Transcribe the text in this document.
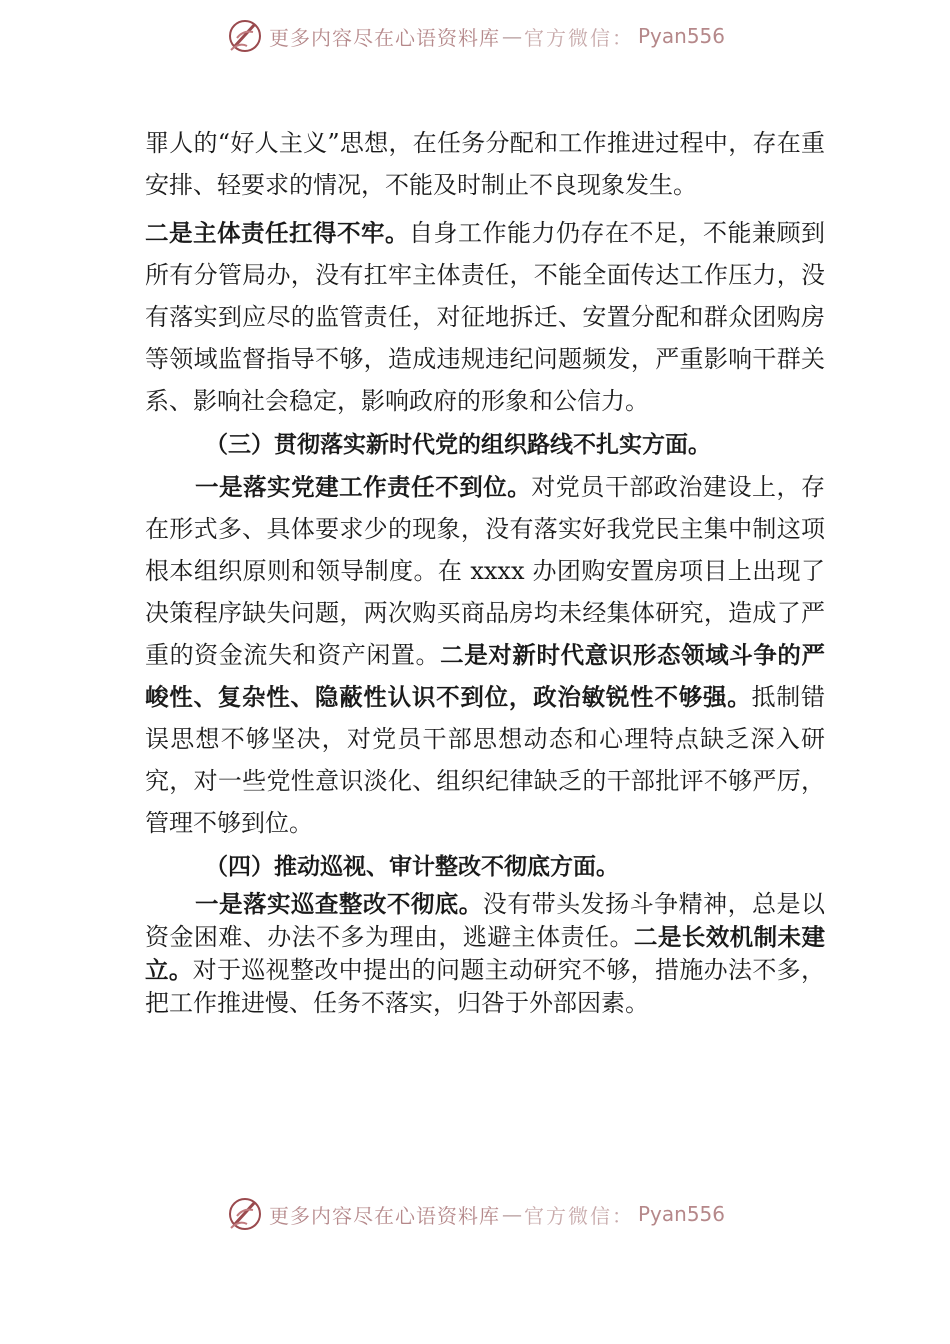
更多内容尽在心语资料库 — 官方微信： Pyan556

罪人的“好人主义”思想，在任务分配和工作推进过程中，存在重安排、轻要求的情况，不能及时制止不良现象发生。

二是主体责任扛得不牢。自身工作能力仍存在不足，不能兼顾到所有分管局办，没有扛牢主体责任，不能全面传达工作压力，没有落实到应尽的监管责任，对征地拆迁、安置分配和群众团购房等领域监督指导不够，造成违规违纪问题频发，严重影响干群关系、影响社会稳定，影响政府的形象和公信力。

（三）贯彻落实新时代党的组织路线不扎实方面。

一是落实党建工作责任不到位。对党员干部政治建设上，存在形式多、具体要求少的现象，没有落实好我党民主集中制这项根本组织原则和领导制度。在 xxxx 办团购安置房项目上出现了决策程序缺失问题，两次购买商品房均未经集体研究，造成了严重的资金流失和资产闲置。二是对新时代意识形态领域斗争的严峻性、复杂性、隐蔽性认识不到位，政治敏锐性不够强。抵制错误思想不够坚决，对党员干部思想动态和心理特点缺乏深入研究，对一些党性意识淡化、组织纪律缺乏的干部批评不够严厉，管理不够到位。

（四）推动巡视、审计整改不彻底方面。

一是落实巡查整改不彻底。没有带头发扬斗争精神，总是以资金困难、办法不多为理由，逃避主体责任。二是长效机制未建立。对于巡视整改中提出的问题主动研究不够，措施办法不多，把工作推进慢、任务不落实，归咎于外部因素。

更多内容尽在心语资料库 — 官方微信： Pyan556
